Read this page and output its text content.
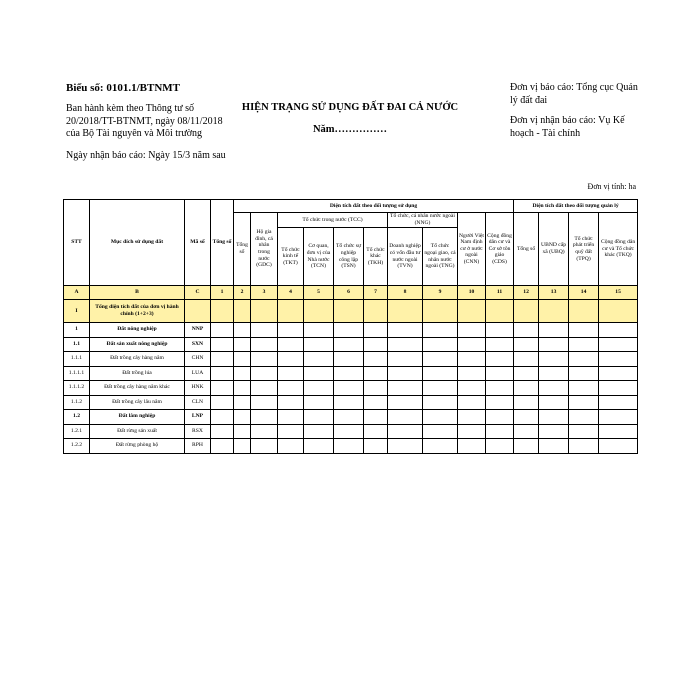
Biểu số: 0101.1/BTNMT
Ban hành kèm theo Thông tư số 20/2018/TT-BTNMT, ngày 08/11/2018 của Bộ Tài nguyên và Môi trường
Ngày nhận báo cáo: Ngày 15/3 năm sau
HIỆN TRẠNG SỬ DỤNG ĐẤT ĐAI CẢ NƯỚC
Năm……………
Đơn vị báo cáo: Tổng cục Quản lý đất đai
Đơn vị nhận báo cáo: Vụ Kế hoạch - Tài chính
Đơn vị tính: ha
STT	Mục đích sử dụng đất	Mã số	Tổng số	Diện tích đất theo đối tượng sử dụng										Diện tích đất theo đối tượng quản lý			
				Tổng số	Hộ gia đình, cá nhân trong nước (GDC)	Tổ chức trong nước (TCC)				Tổ chức, cá nhân nước ngoài (NNG)		Người Việt Nam định cư ở nước ngoài (CNN)	Cộng đồng dân cư và Cơ sở tôn giáo (CDS)	Tổng số	UBND cấp xã (UBQ)	Tổ chức phát triển quỹ đất (TPQ)	Cộng đồng dân cư và Tổ chức khác (TKQ)
						Tổ chức kinh tế (TKT)	Cơ quan, đơn vị của Nhà nước (TCN)	Tổ chức sự nghiệp công lập (TSN)	Tổ chức khác (TKH)	Doanh nghiệp có vốn đầu tư nước ngoài (TVN)	Tổ chức ngoại giao, cá nhân nước ngoài (TNG)						

A	B	C	1	2	3	4	5	6	7	8	9	10	11	12	13	14	15
I	Tổng diện tích đất của đơn vị hành chính (1+2+3)																
1	Đất nông nghiệp	NNP															
1.1	Đất sản xuất nông nghiệp	SXN															
1.1.1	Đất trồng cây hàng năm	CHN															
1.1.1.1	Đất trồng lúa	LUA															
1.1.1.2	Đất trồng cây hàng năm khác	HNK															
1.1.2	Đất trồng cây lâu năm	CLN															
1.2	Đất lâm nghiệp	LNP															
1.2.1	Đất rừng sản xuất	RSX															
1.2.2	Đất rừng phòng hộ	RPH															
